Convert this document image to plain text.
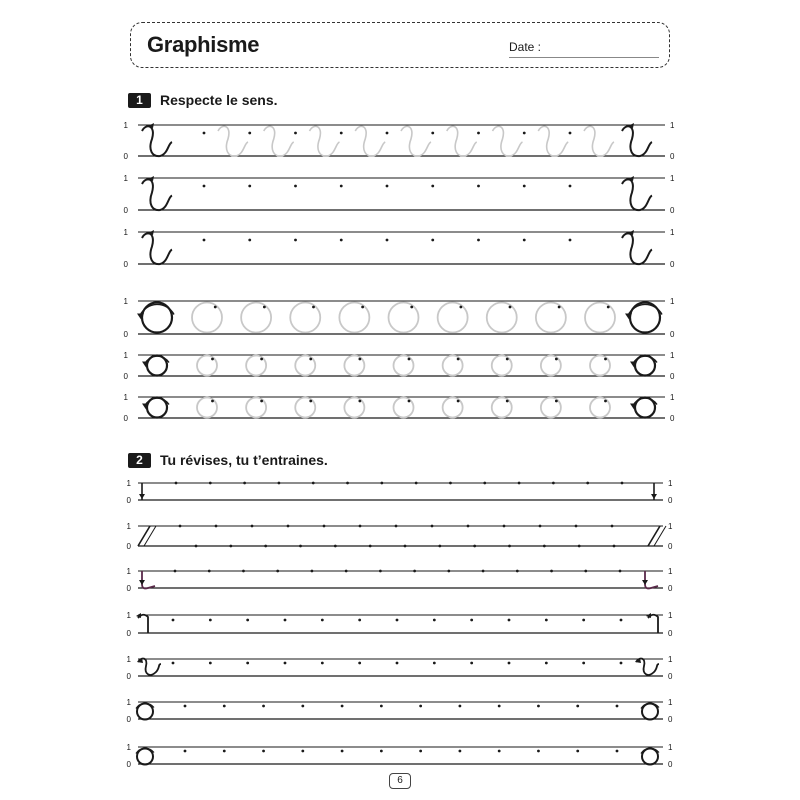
Graphisme	Date :
1	Respecte le sens.
2	Tu révises, tu t’entraines.
1
0
1
0
1
0
1
0
1
0
1
0
1
0
1
0
1
0
1
0
1
0
1
0
1
0
1
0
1
0
1
0
1
0
1
0
1
0
1
0
1
0
1
0
1
0
1
0
1
0
1
0
6
